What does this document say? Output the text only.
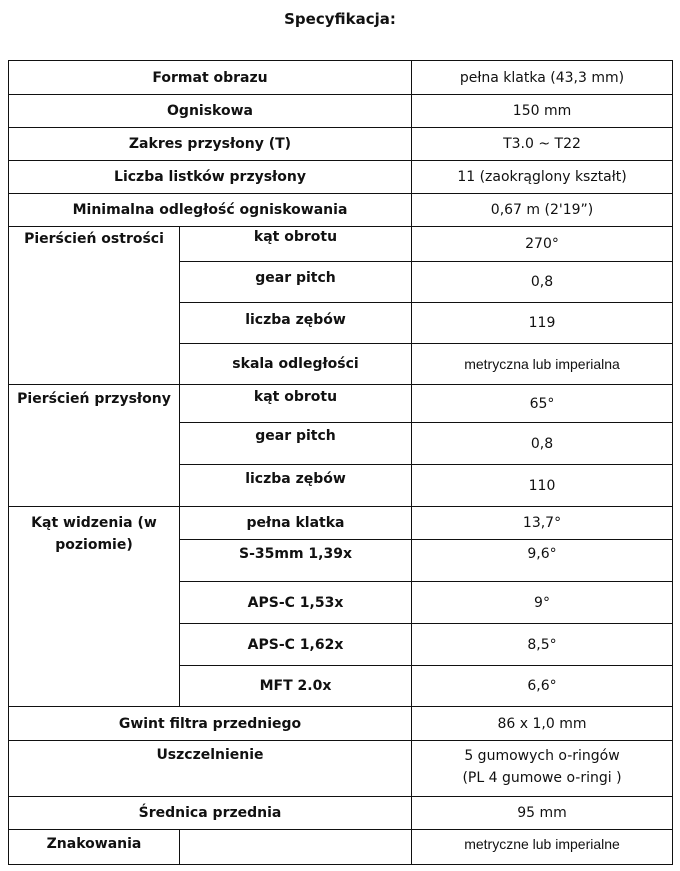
Specyfikacja:
Format obrazu		pełna klatka (43,3 mm)
Ogniskowa		150 mm
Zakres przysłony (T)		T3.0 ~ T22
Liczba listków przysłony		11 (zaokrąglony kształt)
Minimalna odległość ogniskowania		0,67 m (2'19”)
Pierścień ostrości	kąt obrotu	270°
	gear pitch	0,8
	liczba zębów	119
	skala odległości	metryczna lub imperialna
Pierścień przysłony	kąt obrotu	65°
	gear pitch	0,8
	liczba zębów	110
Kąt widzenia (w poziomie)	pełna klatka	13,7°
	S-35mm 1,39x	9,6°
	APS-C 1,53x	9°
	APS-C 1,62x	8,5°
	MFT 2.0x	6,6°
Gwint filtra przedniego		86 x 1,0 mm
Uszczelnienie		5 gumowych o-ringów
(PL 4 gumowe o-ringi )

Średnica przednia		95 mm
Znakowania		metryczne lub imperialne
